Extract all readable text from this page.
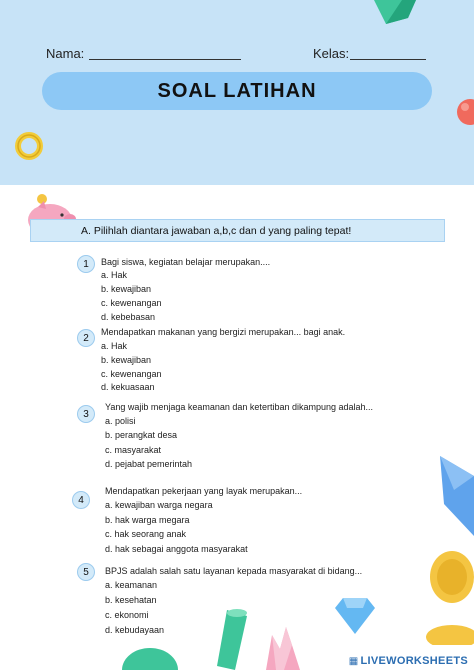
Nama:	Kelas:
SOAL LATIHAN
A. Pilihlah diantara jawaban a,b,c dan d yang paling tepat!
1	Bagi siswa, kegiatan belajar merupakan....
a. Hak
b. kewajiban
c. kewenangan
d. kebebasan
2
Mendapatkan makanan yang bergizi merupakan... bagi anak.
a. Hak
b. kewajiban
c. kewenangan
d. kekuasaan
3
Yang wajib menjaga keamanan dan ketertiban dikampung adalah...
a. polisi
b. perangkat desa
c. masyarakat
d. pejabat pemerintah
4
Mendapatkan pekerjaan yang layak merupakan...
a. kewajiban warga negara
b. hak warga megara
c. hak seorang anak
d. hak sebagai anggota masyarakat
5	BPJS adalah salah satu layanan kepada masyarakat di bidang...
a. keamanan
b. kesehatan
c. ekonomi
d. kebudayaan
▦ LIVEWORKSHEETS
